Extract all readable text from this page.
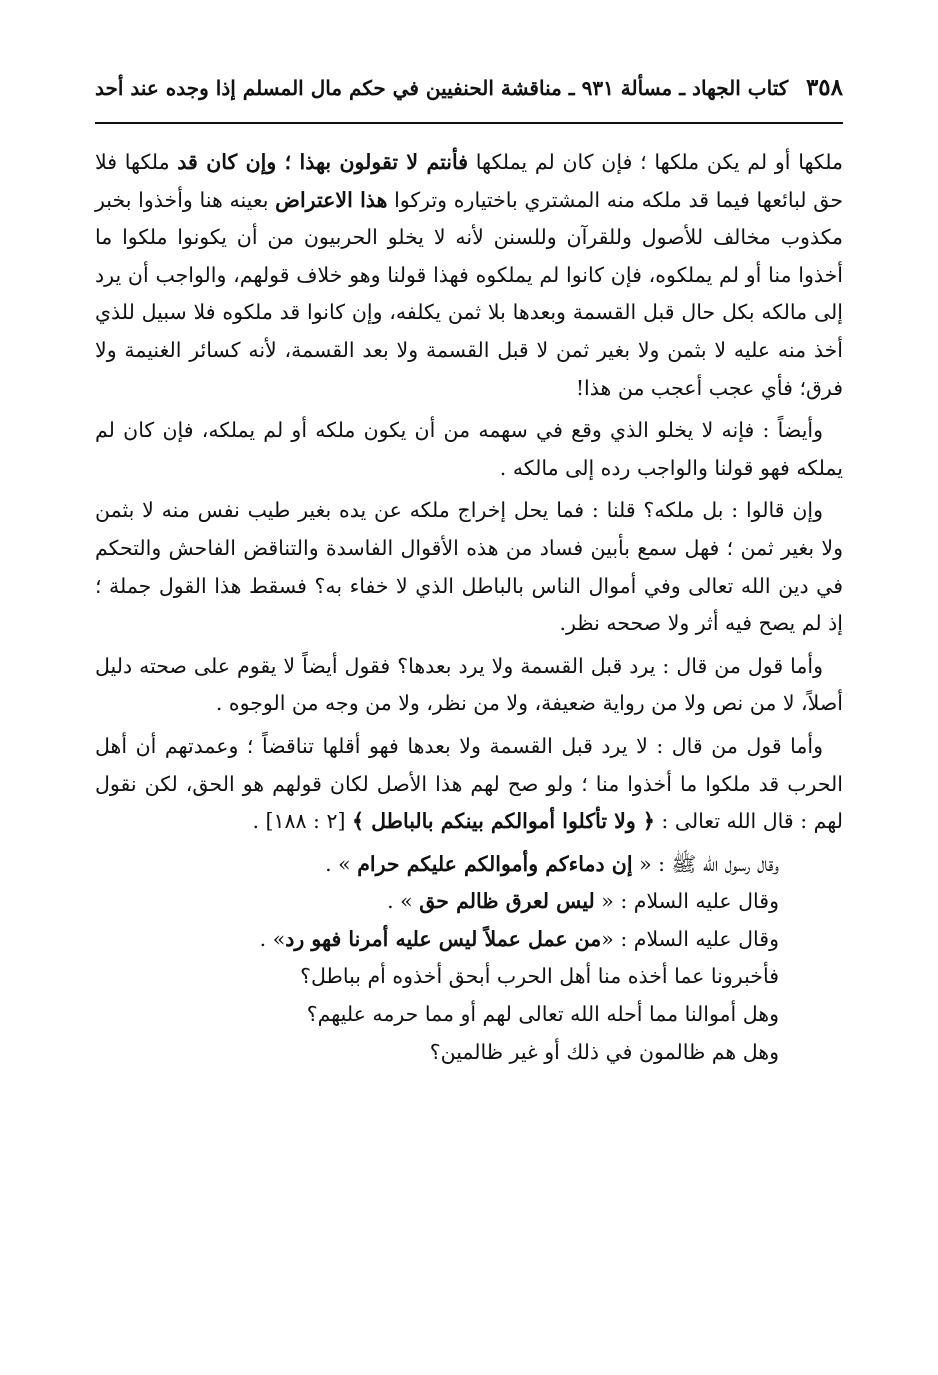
٣٥٨
كتاب الجهاد ـ مسألة ٩٣١ ـ مناقشة الحنفيين في حكم مال المسلم إذا وجده عند أحد

ملكها أو لم يكن ملكها ؛ فإن كان لم يملكها فأنتم لا تقولون بهذا ؛ وإن كان قد ملكها فلا حق لبائعها فيما قد ملكه منه المشتري باختياره وتركوا هذا الاعتراض بعينه هنا وأخذوا بخبر مكذوب مخالف للأصول وللقرآن وللسنن لأنه لا يخلو الحربيون من أن يكونوا ملكوا ما أخذوا منا أو لم يملكوه، فإن كانوا لم يملكوه فهذا قولنا وهو خلاف قولهم، والواجب أن يرد إلى مالكه بكل حال قبل القسمة وبعدها بلا ثمن يكلفه، وإن كانوا قد ملكوه فلا سبيل للذي أخذ منه عليه لا بثمن ولا بغير ثمن لا قبل القسمة ولا بعد القسمة، لأنه كسائر الغنيمة ولا فرق؛ فأي عجب أعجب من هذا!

وأيضاً : فإنه لا يخلو الذي وقع في سهمه من أن يكون ملكه أو لم يملكه، فإن كان لم يملكه فهو قولنا والواجب رده إلى مالكه .

وإن قالوا : بل ملكه؟ قلنا : فما يحل إخراج ملكه عن يده بغير طيب نفس منه لا بثمن ولا بغير ثمن ؛ فهل سمع بأبين فساد من هذه الأقوال الفاسدة والتناقض الفاحش والتحكم في دين الله تعالى وفي أموال الناس بالباطل الذي لا خفاء به؟ فسقط هذا القول جملة ؛ إذ لم يصح فيه أثر ولا صححه نظر.

وأما قول من قال : يرد قبل القسمة ولا يرد بعدها؟ فقول أيضاً لا يقوم على صحته دليل أصلاً، لا من نص ولا من رواية ضعيفة، ولا من نظر، ولا من وجه من الوجوه .

وأما قول من قال : لا يرد قبل القسمة ولا بعدها فهو أقلها تناقضاً ؛ وعمدتهم أن أهل الحرب قد ملكوا ما أخذوا منا ؛ ولو صح لهم هذا الأصل لكان قولهم هو الحق، لكن نقول لهم : قال الله تعالى : ﴿ ولا تأكلوا أموالكم بينكم بالباطل ﴾ [٢ : ١٨٨] .

وقال رسول الله ﷺ : « إن دماءكم وأموالكم عليكم حرام » .
وقال عليه السلام : « ليس لعرق ظالم حق » .
وقال عليه السلام : «من عمل عملاً ليس عليه أمرنا فهو رد» .
فأخبرونا عما أخذه منا أهل الحرب أبحق أخذوه أم بباطل؟
وهل أموالنا مما أحله الله تعالى لهم أو مما حرمه عليهم؟
وهل هم ظالمون في ذلك أو غير ظالمين؟
